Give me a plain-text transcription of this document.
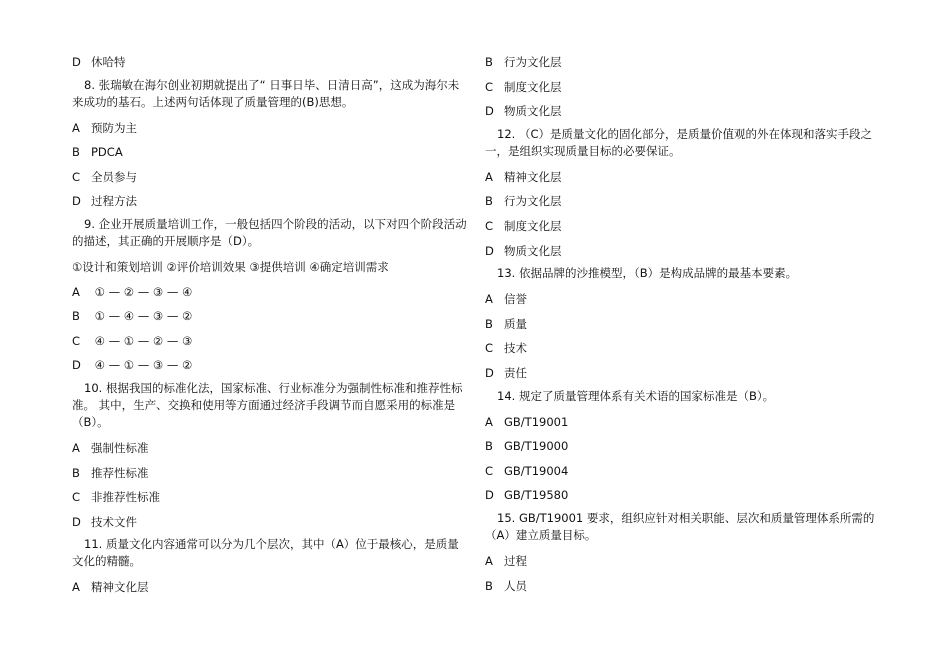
D 休哈特
8. 张瑞敏在海尔创业初期就提出了“ 日事日毕、日清日高”，这成为海尔未来成功的基石。上述两句话体现了质量管理的(B)思想。
A 预防为主
B PDCA
C 全员参与
D 过程方法
9. 企业开展质量培训工作，一般包括四个阶段的活动，以下对四个阶段活动的描述，其正确的开展顺序是（D）。
①设计和策划培训 ②评价培训效果 ③提供培训 ④确定培训需求
A ① — ② — ③ — ④
B ① — ④ — ③ — ②
C ④ — ① — ② — ③
D ④ — ① — ③ — ②
10. 根据我国的标准化法，国家标准、行业标准分为强制性标准和推荐性标准。 其中，生产、交换和使用等方面通过经济手段调节而自愿采用的标准是（B）。
A 强制性标准
B 推荐性标准
C 非推荐性标准
D 技术文件
11. 质量文化内容通常可以分为几个层次，其中（A）位于最核心，是质量文化的精髓。
A 精神文化层
B 行为文化层
C 制度文化层
D 物质文化层
12. （C）是质量文化的固化部分，是质量价值观的外在体现和落实手段之一，是组织实现质量目标的必要保证。
A 精神文化层
B 行为文化层
C 制度文化层
D 物质文化层
13. 依据品牌的沙推模型，（B）是构成品牌的最基本要素。
A 信誉
B 质量
C 技术
D 责任
14. 规定了质量管理体系有关术语的国家标准是（B）。
A GB/T19001
B GB/T19000
C GB/T19004
D GB/T19580
15. GB/T19001 要求，组织应针对相关职能、层次和质量管理体系所需的（A）建立质量目标。
A 过程
B 人员
